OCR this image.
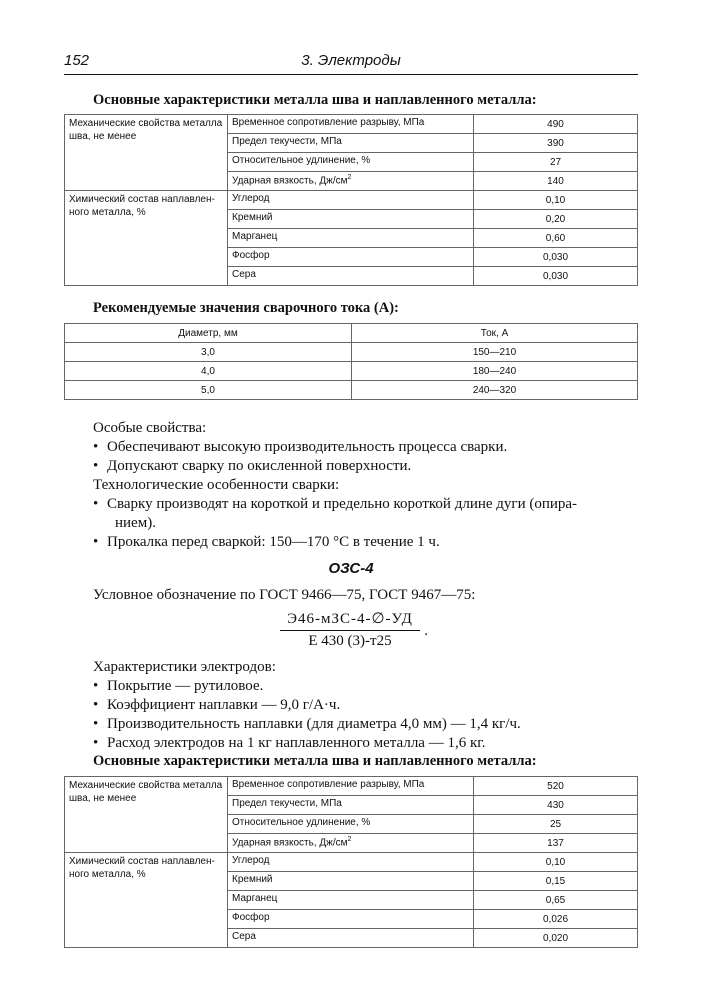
152	3. Электроды
Основные характеристики металла шва и наплавленного металла:
Механические свойства металла шва, не менее	Временное сопротивление разрыву, МПа	490
	Предел текучести, МПа	390
	Относительное удлинение, %	27
	Ударная вязкость, $Дж/см^2$	140
Химический состав наплавлен-ного металла, %	Углерод	0,10
	Кремний	0,20
	Марганец	0,60
	Фосфор	0,030
	Сера	0,030
Рекомендуемые значения сварочного тока (А):
Диаметр, мм	Ток, А
3,0	150—210
4,0	180—240
5,0	240—320

Особые свойства:

• Обеспечивают высокую производительность процесса сварки.

• Допускают сварку по окисленной поверхности.

Технологические особенности сварки:

• Сварку производят на короткой и предельно короткой длине дуги (опира-

нием).

• Прокалка перед сваркой: 150—170 °С в течение 1 ч.

ОЗС-4
Условное обозначение по ГОСТ 9466—75, ГОСТ 9467—75:
Э46-мЗС-4-∅-УД
Е 430 (3)-т25
.

Характеристики электродов:

• Покрытие — рутиловое.

• Коэффициент наплавки — 9,0 г/А·ч.

• Производительность наплавки (для диаметра 4,0 мм) — 1,4 кг/ч.

• Расход электродов на 1 кг наплавленного металла — 1,6 кг.

Основные характеристики металла шва и наплавленного металла:
Механические свойства металла шва, не менее	Временное сопротивление разрыву, МПа	520
	Предел текучести, МПа	430
	Относительное удлинение, %	25
	Ударная вязкость, $Дж/см^2$	137
Химический состав наплавлен-ного металла, %	Углерод	0,10
	Кремний	0,15
	Марганец	0,65
	Фосфор	0,026
	Сера	0,020
